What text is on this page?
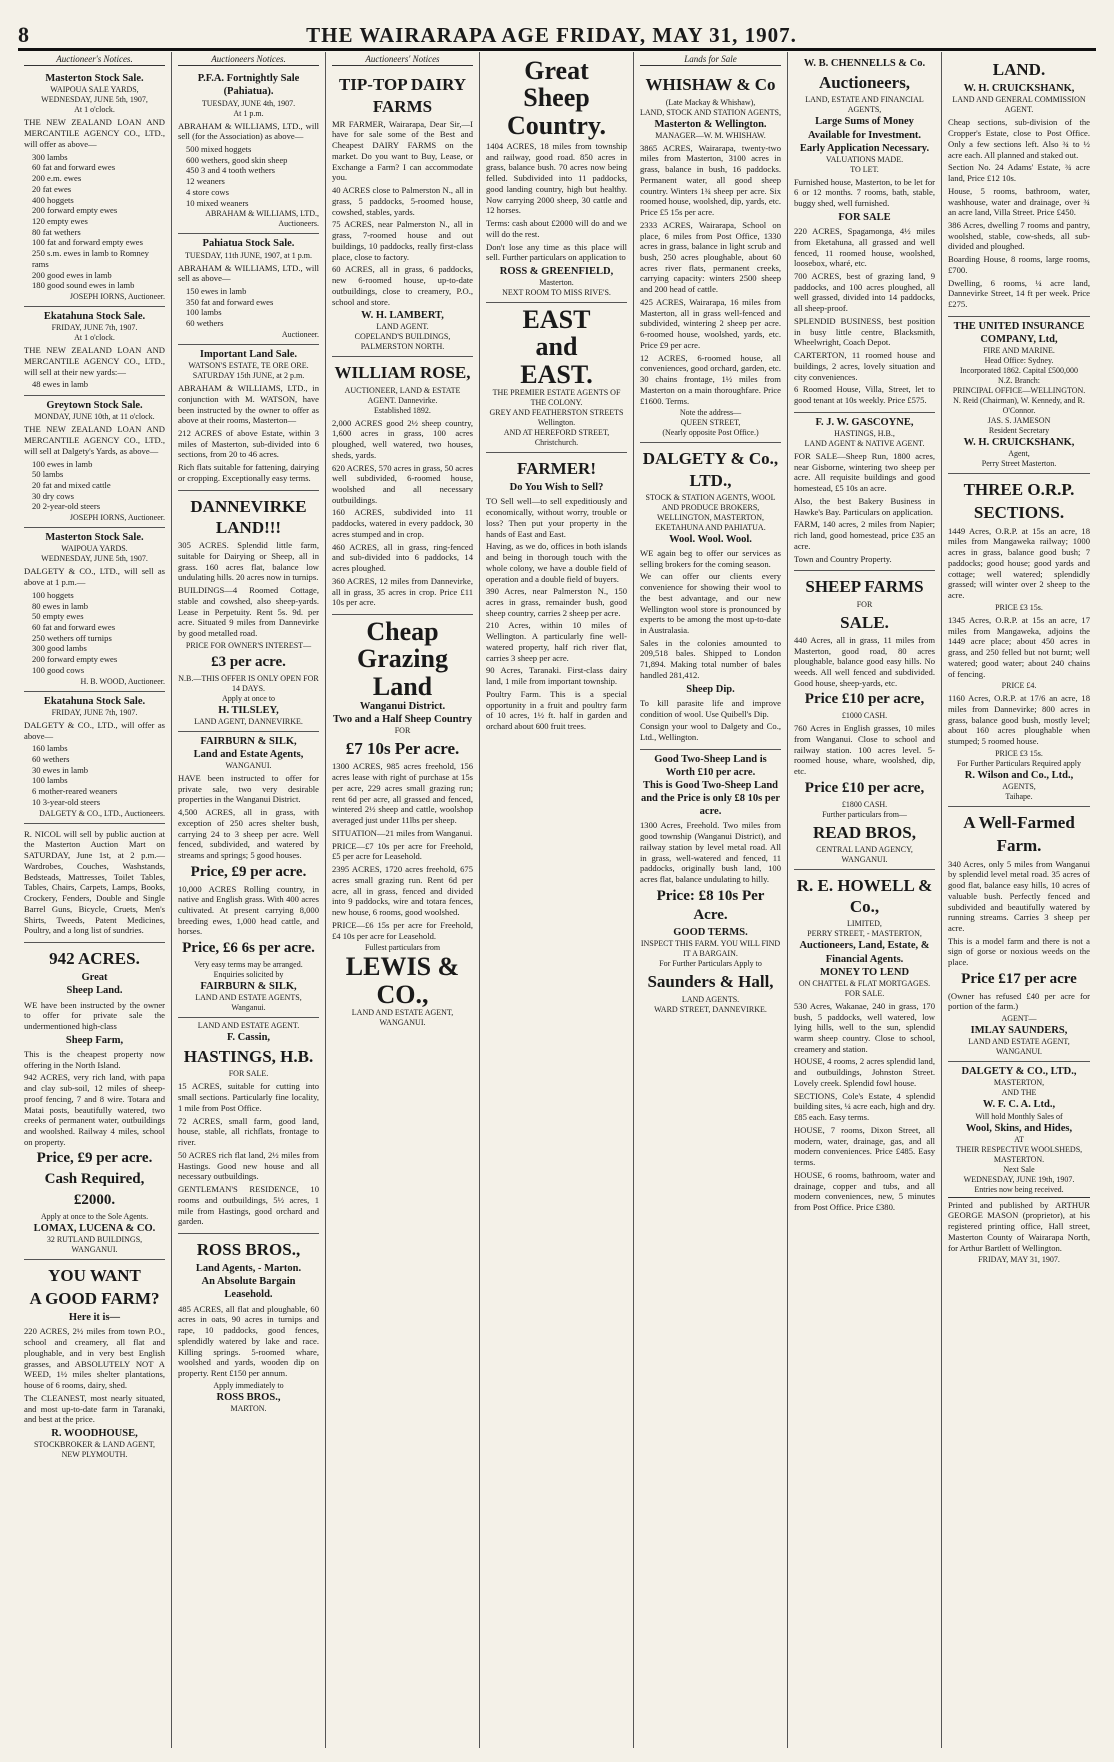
8	THE WAIRARAPA AGE FRIDAY, MAY 31, 1907.
Auctioneer's Notices.
Masterton Stock Sale.
WAIPOUA SALE YARDS,
WEDNESDAY, JUNE 5th, 1907,
At 1 o'clock.

THE NEW ZEALAND LOAN AND MERCANTILE AGENCY CO., LTD., will offer as above—

300 lambs
60 fat and forward ewes
200 e.m. ewes
20 fat ewes
400 hoggets
200 forward empty ewes
120 empty ewes
80 fat wethers
100 fat and forward empty ewes
250 s.m. ewes in lamb to Romney rams
200 good ewes in lamb
180 good sound ewes in lamb
JOSEPH IORNS, Auctioneer.
Ekatahuna Stock Sale.
FRIDAY, JUNE 7th, 1907.
At 1 o'clock.

THE NEW ZEALAND LOAN AND MERCANTILE AGENCY CO., LTD., will sell at their new yards:—

48 ewes in lamb
Greytown Stock Sale.
MONDAY, JUNE 10th, at 11 o'clock.

THE NEW ZEALAND LOAN AND MERCANTILE AGENCY CO., LTD., will sell at Dalgety's Yards, as above—

100 ewes in lamb
50 lambs
20 fat and mixed cattle
30 dry cows
20 2-year-old steers
JOSEPH IORNS, Auctioneer.
Masterton Stock Sale.
WAIPOUA YARDS.
WEDNESDAY, JUNE 5th, 1907.

DALGETY & CO., LTD., will sell as above at 1 p.m.—

100 hoggets
80 ewes in lamb
50 empty ewes
60 fat and forward ewes
250 wethers off turnips
300 good lambs
200 forward empty ewes
100 good cows
H. B. WOOD, Auctioneer.
Ekatahuna Stock Sale.
FRIDAY, JUNE 7th, 1907.

DALGETY & CO., LTD., will offer as above—

160 lambs
60 wethers
30 ewes in lamb
100 lambs
6 mother-reared weaners
10 3-year-old steers
DALGETY & CO., LTD., Auctioneers.

R. NICOL will sell by public auction at the Masterton Auction Mart on SATURDAY, June 1st, at 2 p.m.—Wardrobes, Couches, Washstands, Bedsteads, Mattresses, Toilet Tables, Tables, Chairs, Carpets, Lamps, Books, Crockery, Fenders, Double and Single Barrel Guns, Bicycle, Cruets, Men's Shirts, Tweeds, Patent Medicines, Poultry, and a long list of sundries.

942 ACRES.
Great
Sheep Land.

WE have been instructed by the owner to offer for private sale the undermentioned high-class

Sheep Farm,

This is the cheapest property now offering in the North Island.

942 ACRES, very rich land, with papa and clay sub-soil, 12 miles of sheep-proof fencing, 7 and 8 wire. Totara and Matai posts, beautifully watered, two creeks of permanent water, outbuildings and woolshed. Railway 4 miles, school on property.

Price, £9 per acre.
Cash Required,
£2000.
Apply at once to the Sole Agents.
LOMAX, LUCENA & CO.
32 RUTLAND BUILDINGS, WANGANUI.
YOU WANT
A GOOD FARM?
Here it is—

220 ACRES, 2½ miles from town P.O., school and creamery, all flat and ploughable, and in very best English grasses, and ABSOLUTELY NOT A WEED, 1½ miles shelter plantations, house of 6 rooms, dairy, shed.

The CLEANEST, most nearly situated, and most up-to-date farm in Taranaki, and best at the price.

R. WOODHOUSE,
STOCKBROKER & LAND AGENT, NEW PLYMOUTH.
Auctioneers Notices.
P.F.A. Fortnightly Sale (Pahiatua).
TUESDAY, JUNE 4th, 1907.
At 1 p.m.

ABRAHAM & WILLIAMS, LTD., will sell (for the Association) as above—

500 mixed hoggets
600 wethers, good skin sheep
450 3 and 4 tooth wethers
12 weaners
4 store cows
10 mixed weaners
ABRAHAM & WILLIAMS, LTD., Auctioneers.
Pahiatua Stock Sale.
TUESDAY, 11th JUNE, 1907, at 1 p.m.

ABRAHAM & WILLIAMS, LTD., will sell as above—

150 ewes in lamb
350 fat and forward ewes
100 lambs
60 wethers
Auctioneer.
Important Land Sale.
WATSON'S ESTATE, TE ORE ORE.
SATURDAY 15th JUNE, at 2 p.m.

ABRAHAM & WILLIAMS, LTD., in conjunction with M. WATSON, have been instructed by the owner to offer as above at their rooms, Masterton—

212 ACRES of above Estate, within 3 miles of Masterton, sub-divided into 6 sections, from 20 to 46 acres.

Rich flats suitable for fattening, dairying or cropping. Exceptionally easy terms.

DANNEVIRKE LAND!!!

305 ACRES. Splendid little farm, suitable for Dairying or Sheep, all in grass. 160 acres flat, balance low undulating hills. 20 acres now in turnips.

BUILDINGS—4 Roomed Cottage, stable and cowshed, also sheep-yards. Lease in Perpetuity. Rent 5s. 9d. per acre. Situated 9 miles from Dannevirke by good metalled road.

PRICE FOR OWNER'S INTEREST—
£3 per acre.
N.B.—THIS OFFER IS ONLY OPEN FOR 14 DAYS.
Apply at once to
H. TILSLEY,
LAND AGENT, DANNEVIRKE.
FAIRBURN & SILK,
Land and Estate Agents,
WANGANUI.

HAVE been instructed to offer for private sale, two very desirable properties in the Wanganui District.

4,500 ACRES, all in grass, with exception of 250 acres shelter bush, carrying 24 to 3 sheep per acre. Well fenced, subdivided, and watered by streams and springs; 5 good houses.

Price, £9 per acre.

10,000 ACRES Rolling country, in native and English grass. With 400 acres cultivated. At present carrying 8,000 breeding ewes, 1,000 head cattle, and horses.

Price, £6 6s per acre.
Very easy terms may be arranged.
Enquiries solicited by
FAIRBURN & SILK,
LAND AND ESTATE AGENTS, Wanganui.
LAND AND ESTATE AGENT.
F. Cassin,
HASTINGS, H.B.
FOR SALE.

15 ACRES, suitable for cutting into small sections. Particularly fine locality, 1 mile from Post Office.

72 ACRES, small farm, good land, house, stable, all richflats, frontage to river.

50 ACRES rich flat land, 2½ miles from Hastings. Good new house and all necessary outbuildings.

GENTLEMAN'S RESIDENCE, 10 rooms and outbuildings, 5½ acres, 1 mile from Hastings, good orchard and garden.

ROSS BROS.,
Land Agents, - Marton.
An Absolute Bargain
Leasehold.

485 ACRES, all flat and ploughable, 60 acres in oats, 90 acres in turnips and rape, 10 paddocks, good fences, splendidly watered by lake and race. Killing springs. 5-roomed whare, woolshed and yards, wooden dip on property. Rent £150 per annum.

Apply immediately to
ROSS BROS.,
MARTON.
Auctioneers' Notices
TIP-TOP DAIRY FARMS

MR FARMER, Wairarapa, Dear Sir,—I have for sale some of the Best and Cheapest DAIRY FARMS on the market. Do you want to Buy, Lease, or Exchange a Farm? I can accommodate you.

40 ACRES close to Palmerston N., all in grass, 5 paddocks, 5-roomed house, cowshed, stables, yards.

75 ACRES, near Palmerston N., all in grass, 7-roomed house and out buildings, 10 paddocks, really first-class place, close to factory.

60 ACRES, all in grass, 6 paddocks, new 6-roomed house, up-to-date outbuildings, close to creamery, P.O., school and store.

W. H. LAMBERT,
LAND AGENT.
COPELAND'S BUILDINGS, PALMERSTON NORTH.
WILLIAM ROSE,
AUCTIONEER, LAND & ESTATE AGENT. Dannevirke.
Established 1892.

2,000 ACRES good 2½ sheep country, 1,600 acres in grass, 100 acres ploughed, well watered, two houses, sheds, yards.

620 ACRES, 570 acres in grass, 50 acres well subdivided, 6-roomed house, woolshed and all necessary outbuildings.

160 ACRES, subdivided into 11 paddocks, watered in every paddock, 30 acres stumped and in crop.

460 ACRES, all in grass, ring-fenced and sub-divided into 6 paddocks, 14 acres ploughed.

360 ACRES, 12 miles from Dannevirke, all in grass, 35 acres in crop. Price £11 10s per acre.

Cheap
Grazing Land
Wanganui District.
Two and a Half Sheep Country
FOR
£7 10s Per acre.

1300 ACRES, 985 acres freehold, 156 acres lease with right of purchase at 15s per acre, 229 acres small grazing run; rent 6d per acre, all grassed and fenced, wintered 2½ sheep and cattle, woolshop averaged just under 11lbs per sheep.

SITUATION—21 miles from Wanganui.

PRICE—£7 10s per acre for Freehold, £5 per acre for Leasehold.

2395 ACRES, 1720 acres freehold, 675 acres small grazing run. Rent 6d per acre, all in grass, fenced and divided into 9 paddocks, wire and totara fences, new house, 6 rooms, good woolshed.

PRICE—£6 15s per acre for Freehold, £4 10s per acre for Leasehold.

Fullest particulars from
LEWIS & CO.,
LAND AND ESTATE AGENT,
WANGANUI.
Great
Sheep
Country.

1404 ACRES, 18 miles from township and railway, good road. 850 acres in grass, balance bush. 70 acres now being felled. Subdivided into 11 paddocks, good landing country, high but healthy. Now carrying 2000 sheep, 30 cattle and 12 horses.

Terms: cash about £2000 will do and we will do the rest.

Don't lose any time as this place will sell. Further particulars on application to

ROSS & GREENFIELD,
Masterton.
NEXT ROOM TO MISS RIVE'S.
EAST
and
EAST.
THE PREMIER ESTATE AGENTS OF THE COLONY.
GREY AND FEATHERSTON STREETS Wellington.
AND AT HEREFORD STREET, Christchurch.
FARMER!
Do You Wish to Sell?

TO Sell well—to sell expeditiously and economically, without worry, trouble or loss? Then put your property in the hands of East and East.

Having, as we do, offices in both islands and being in thorough touch with the whole colony, we have a double field of operation and a double field of buyers.

390 Acres, near Palmerston N., 150 acres in grass, remainder bush, good sheep country, carries 2 sheep per acre.

210 Acres, within 10 miles of Wellington. A particularly fine well-watered property, half rich river flat, carries 3 sheep per acre.

90 Acres, Taranaki. First-class dairy land, 1 mile from important township.

Poultry Farm. This is a special opportunity in a fruit and poultry farm of 10 acres, 1½ ft. half in garden and orchard about 600 fruit trees.

Lands for Sale
WHISHAW & Co
(Late Mackay & Whishaw),
LAND, STOCK AND STATION AGENTS,
Masterton & Wellington.
MANAGER—W. M. WHISHAW.

3865 ACRES, Wairarapa, twenty-two miles from Masterton, 3100 acres in grass, balance in bush, 16 paddocks. Permanent water, all good sheep country. Winters 1¾ sheep per acre. Six roomed house, woolshed, dip, yards, etc. Price £5 15s per acre.

2333 ACRES, Wairarapa, School on place, 6 miles from Post Office, 1330 acres in grass, balance in light scrub and bush, 250 acres ploughable, about 60 acres river flats, permanent creeks, carrying capacity: winters 2500 sheep and 200 head of cattle.

425 ACRES, Wairarapa, 16 miles from Masterton, all in grass well-fenced and subdivided, wintering 2 sheep per acre. 6-roomed house, woolshed, yards, etc. Price £9 per acre.

12 ACRES, 6-roomed house, all conveniences, good orchard, garden, etc. 30 chains frontage, 1½ miles from Masterton on a main thoroughfare. Price £1600. Terms.

Note the address—
QUEEN STREET,
(Nearly opposite Post Office.)
DALGETY & Co., LTD.,
STOCK & STATION AGENTS, WOOL AND PRODUCE BROKERS, WELLINGTON, MASTERTON, EKETAHUNA AND PAHIATUA.
Wool. Wool. Wool.

WE again beg to offer our services as selling brokers for the coming season.

We can offer our clients every convenience for showing their wool to the best advantage, and our new Wellington wool store is pronounced by experts to be among the most up-to-date in Australasia.

Sales in the colonies amounted to 209,518 bales. Shipped to London 71,894. Making total number of bales handled 281,412.

Sheep Dip.

To kill parasite life and improve condition of wool. Use Quibell's Dip.

Consign your wool to Dalgety and Co., Ltd., Wellington.

Good Two-Sheep Land is Worth £10 per acre.
This is Good Two-Sheep Land and the Price is only £8 10s per acre.

1300 Acres, Freehold. Two miles from good township (Wanganui District), and railway station by level metal road. All in grass, well-watered and fenced, 11 paddocks, originally bush land, 100 acres flat, balance undulating to hilly.

Price: £8 10s Per Acre.
GOOD TERMS.
INSPECT THIS FARM. YOU WILL FIND IT A BARGAIN.
For Further Particulars Apply to
Saunders & Hall,
LAND AGENTS.
WARD STREET, DANNEVIRKE.
W. B. CHENNELLS & Co.
Auctioneers,
LAND, ESTATE AND FINANCIAL AGENTS,
Large Sums of Money Available for Investment.
Early Application Necessary.
VALUATIONS MADE.
TO LET.

Furnished house, Masterton, to be let for 6 or 12 months. 7 rooms, bath, stable, buggy shed, well furnished.

FOR SALE

220 ACRES, Spagamonga, 4½ miles from Eketahuna, all grassed and well fenced, 11 roomed house, woolshed, loosebox, wharé, etc.

700 ACRES, best of grazing land, 9 paddocks, and 100 acres ploughed, all well grassed, divided into 14 paddocks, all sheep-proof.

SPLENDID BUSINESS, best position in busy little centre, Blacksmith, Wheelwright, Coach Depot.

CARTERTON, 11 roomed house and buildings, 2 acres, lovely situation and city conveniences.

6 Roomed House, Villa, Street, let to good tenant at 10s weekly. Price £575.

F. J. W. GASCOYNE,
HASTINGS, H.B.,
LAND AGENT & NATIVE AGENT.

FOR SALE—Sheep Run, 1800 acres, near Gisborne, wintering two sheep per acre. All requisite buildings and good homestead, £5 10s an acre.

Also, the best Bakery Business in Hawke's Bay. Particulars on application.

FARM, 140 acres, 2 miles from Napier; rich land, good homestead, price £35 an acre.

Town and Country Property.

SHEEP FARMS
FOR
SALE.

440 Acres, all in grass, 11 miles from Masterton, good road, 80 acres ploughable, balance good easy hills. No weeds. All well fenced and subdivided. Good house, sheep-yards, etc.

Price £10 per acre,
£1000 CASH.

760 Acres in English grasses, 10 miles from Wanganui. Close to school and railway station. 100 acres level. 5-roomed house, whare, woolshed, dip, etc.

Price £10 per acre,
£1800 CASH.
Further particulars from—
READ BROS,
CENTRAL LAND AGENCY,
WANGANUI.
R. E. HOWELL & Co.,
LIMITED,
PERRY STREET, - MASTERTON,
Auctioneers, Land, Estate, & Financial Agents.
MONEY TO LEND
ON CHATTEL & FLAT MORTGAGES.
FOR SALE.

530 Acres, Wakanae, 240 in grass, 170 bush, 5 paddocks, well watered, low lying hills, well to the sun, splendid warm sheep country. Close to school, creamery and station.

HOUSE, 4 rooms, 2 acres splendid land, and outbuildings, Johnston Street. Lovely creek. Splendid fowl house.

SECTIONS, Cole's Estate, 4 splendid building sites, ¼ acre each, high and dry. £85 each. Easy terms.

HOUSE, 7 rooms, Dixon Street, all modern, water, drainage, gas, and all modern conveniences. Price £485. Easy terms.

HOUSE, 6 rooms, bathroom, water and drainage, copper and tubs, and all modern conveniences, new, 5 minutes from Post Office. Price £380.

LAND.
W. H. CRUICKSHANK,
LAND AND GENERAL COMMISSION AGENT.

Cheap sections, sub-division of the Cropper's Estate, close to Post Office. Only a few sections left. Also ¾ to ½ acre each. All planned and staked out.

Section No. 24 Adams' Estate, ¾ acre land, Price £12 10s.

House, 5 rooms, bathroom, water, washhouse, water and drainage, over ¾ an acre land, Villa Street. Price £450.

386 Acres, dwelling 7 rooms and pantry, woolshed, stable, cow-sheds, all sub-divided and ploughed.

Boarding House, 8 rooms, large rooms, £700.

Dwelling, 6 rooms, ¼ acre land, Dannevirke Street, 14 ft per week. Price £275.

THE UNITED INSURANCE COMPANY, Ltd,
FIRE AND MARINE.
Head Office: Sydney.
Incorporated 1862. Capital £500,000
N.Z. Branch:
PRINCIPAL OFFICE—WELLINGTON.
N. Reid (Chairman), W. Kennedy, and R. O'Connor.
JAS. S. JAMESON
Resident Secretary
W. H. CRUICKSHANK,
Agent,
Perry Street Masterton.
THREE O.R.P.
SECTIONS.

1449 Acres, O.R.P. at 15s an acre, 18 miles from Mangaweka railway; 1000 acres in grass, balance good bush; 7 paddocks; good house; good yards and cottage; well watered; splendidly grassed; will winter over 2 sheep to the acre.

PRICE £3 15s.

1345 Acres, O.R.P. at 15s an acre, 17 miles from Mangaweka, adjoins the 1449 acre place; about 450 acres in grass, and 250 felled but not burnt; well watered; good water; about 240 chains of fencing.

PRICE £4.

1160 Acres, O.R.P. at 17/6 an acre, 18 miles from Dannevirke; 800 acres in grass, balance good bush, mostly level; about 160 acres ploughable when stumped; 5 roomed house.

PRICE £3 15s.
For Further Particulars Required apply
R. Wilson and Co., Ltd.,
AGENTS,
Taihape.
A Well-Farmed
Farm.

340 Acres, only 5 miles from Wanganui by splendid level metal road. 35 acres of good flat, balance easy hills, 10 acres of valuable bush. Perfectly fenced and subdivided and beautifully watered by running streams. Carries 3 sheep per acre.

This is a model farm and there is not a sign of gorse or noxious weeds on the place.

Price £17 per acre

(Owner has refused £40 per acre for portion of the farm.)

AGENT—
IMLAY SAUNDERS,
LAND AND ESTATE AGENT,
WANGANUI.
DALGETY & CO., LTD.,
MASTERTON,
AND THE
W. F. C. A. Ltd.,
Will hold Monthly Sales of
Wool, Skins, and Hides,
AT
THEIR RESPECTIVE WOOLSHEDS,
MASTERTON.
Next Sale
WEDNESDAY, JUNE 19th, 1907.
Entries now being received.

Printed and published by ARTHUR GEORGE MASON (proprietor), at his registered printing office, Hall street, Masterton County of Wairarapa North, for Arthur Bartlett of Wellington.

FRIDAY, MAY 31, 1907.
